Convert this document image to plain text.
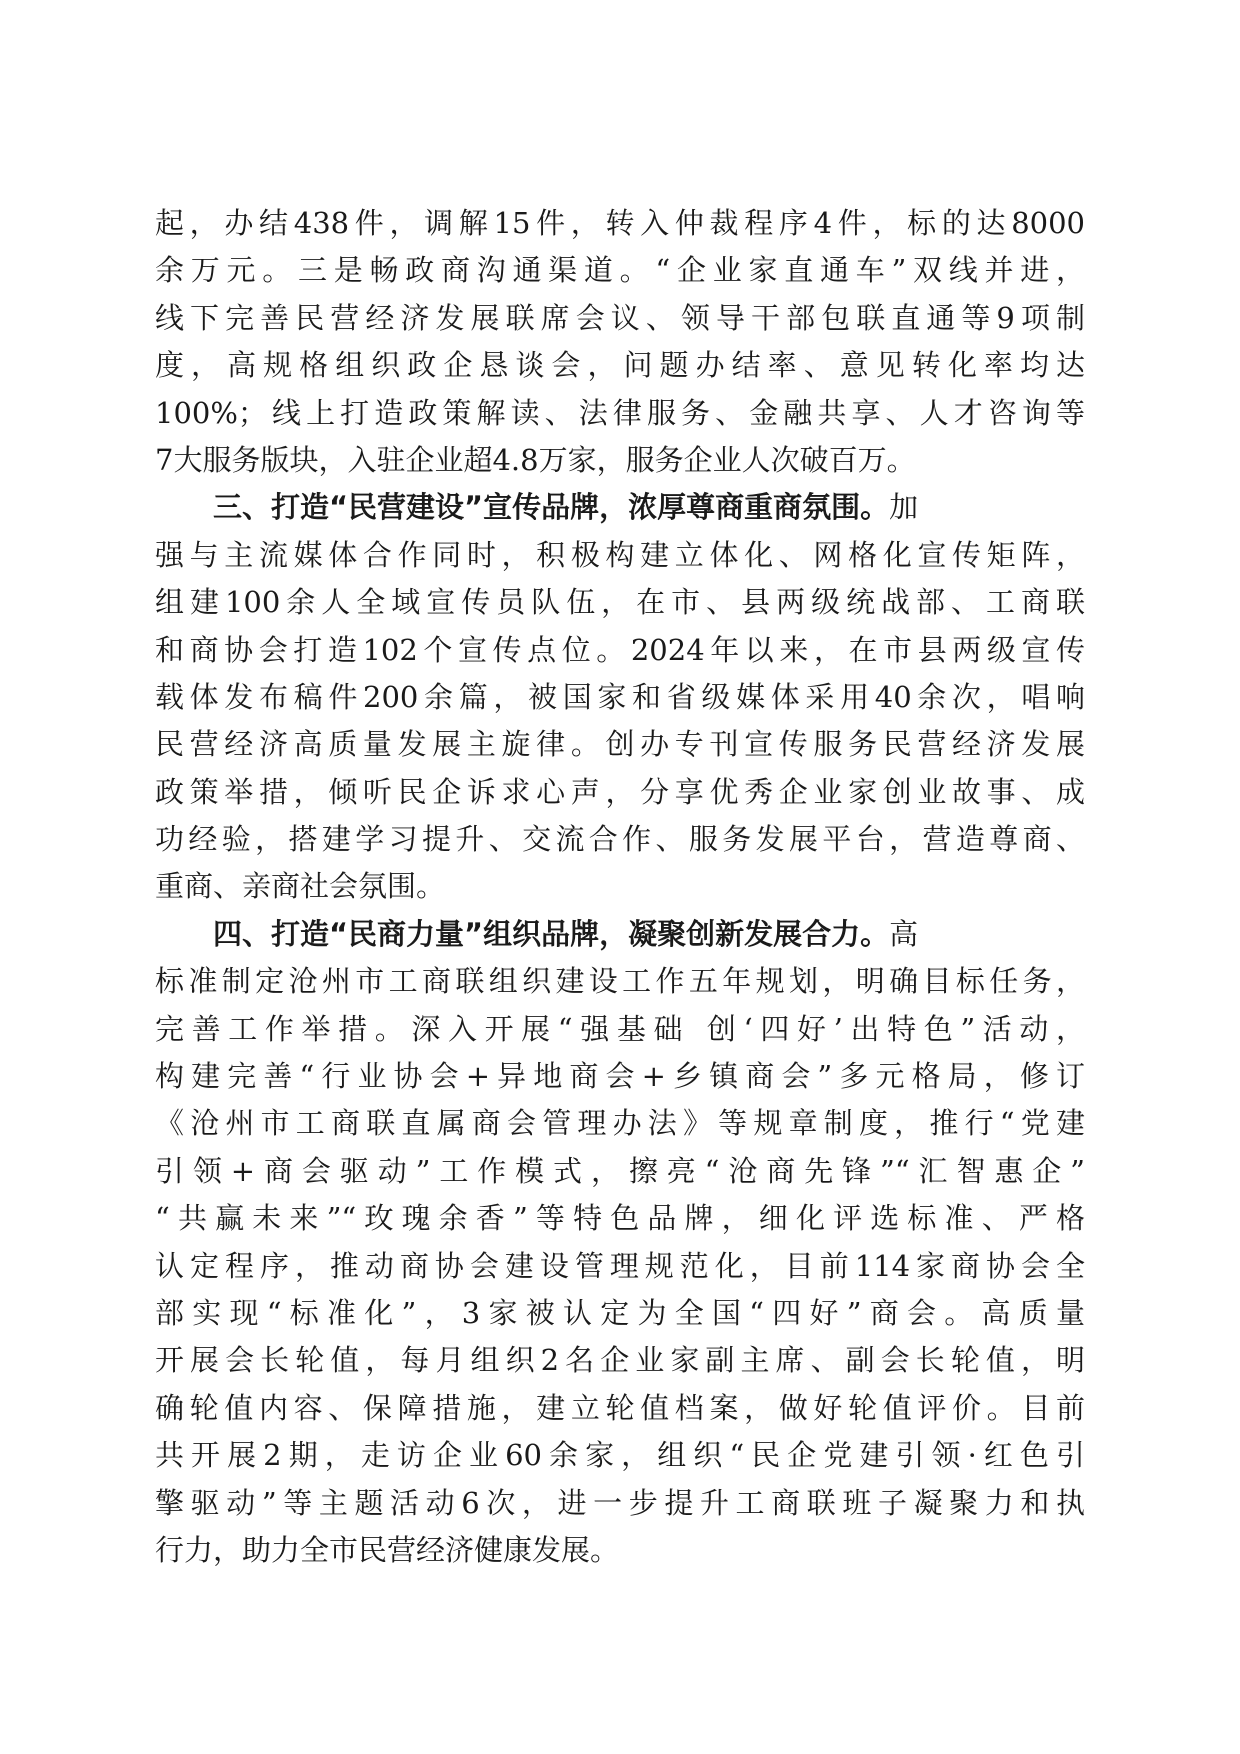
起，办结438件，调解15件，转入仲裁程序4件，标的达8000
余万元。三是畅政商沟通渠道。“企业家直通车”双线并进，
线下完善民营经济发展联席会议、领导干部包联直通等9项制
度，高规格组织政企恳谈会，问题办结率、意见转化率均达
100%；线上打造政策解读、法律服务、金融共享、人才咨询等
7大服务版块，入驻企业超4.8万家，服务企业人次破百万。
三、打造“民营建设”宣传品牌，浓厚尊商重商氛围。加
强与主流媒体合作同时，积极构建立体化、网格化宣传矩阵，
组建100余人全域宣传员队伍，在市、县两级统战部、工商联
和商协会打造102个宣传点位。2024年以来，在市县两级宣传
载体发布稿件200余篇，被国家和省级媒体采用40余次，唱响
民营经济高质量发展主旋律。创办专刊宣传服务民营经济发展
政策举措，倾听民企诉求心声，分享优秀企业家创业故事、成
功经验，搭建学习提升、交流合作、服务发展平台，营造尊商、
重商、亲商社会氛围。
四、打造“民商力量”组织品牌，凝聚创新发展合力。高
标准制定沧州市工商联组织建设工作五年规划，明确目标任务，
完善工作举措。深入开展“强基础 创‘四好’出特色”活动，
构建完善“行业协会+异地商会+乡镇商会”多元格局，修订
《沧州市工商联直属商会管理办法》等规章制度，推行“党建
引领+商会驱动”工作模式，擦亮“沧商先锋”“汇智惠企”
“共赢未来”“玫瑰余香”等特色品牌，细化评选标准、严格
认定程序，推动商协会建设管理规范化，目前114家商协会全
部实现“标准化”，3家被认定为全国“四好”商会。高质量
开展会长轮值，每月组织2名企业家副主席、副会长轮值，明
确轮值内容、保障措施，建立轮值档案，做好轮值评价。目前
共开展2期，走访企业60余家，组织“民企党建引领·红色引
擎驱动”等主题活动6次，进一步提升工商联班子凝聚力和执
行力，助力全市民营经济健康发展。
